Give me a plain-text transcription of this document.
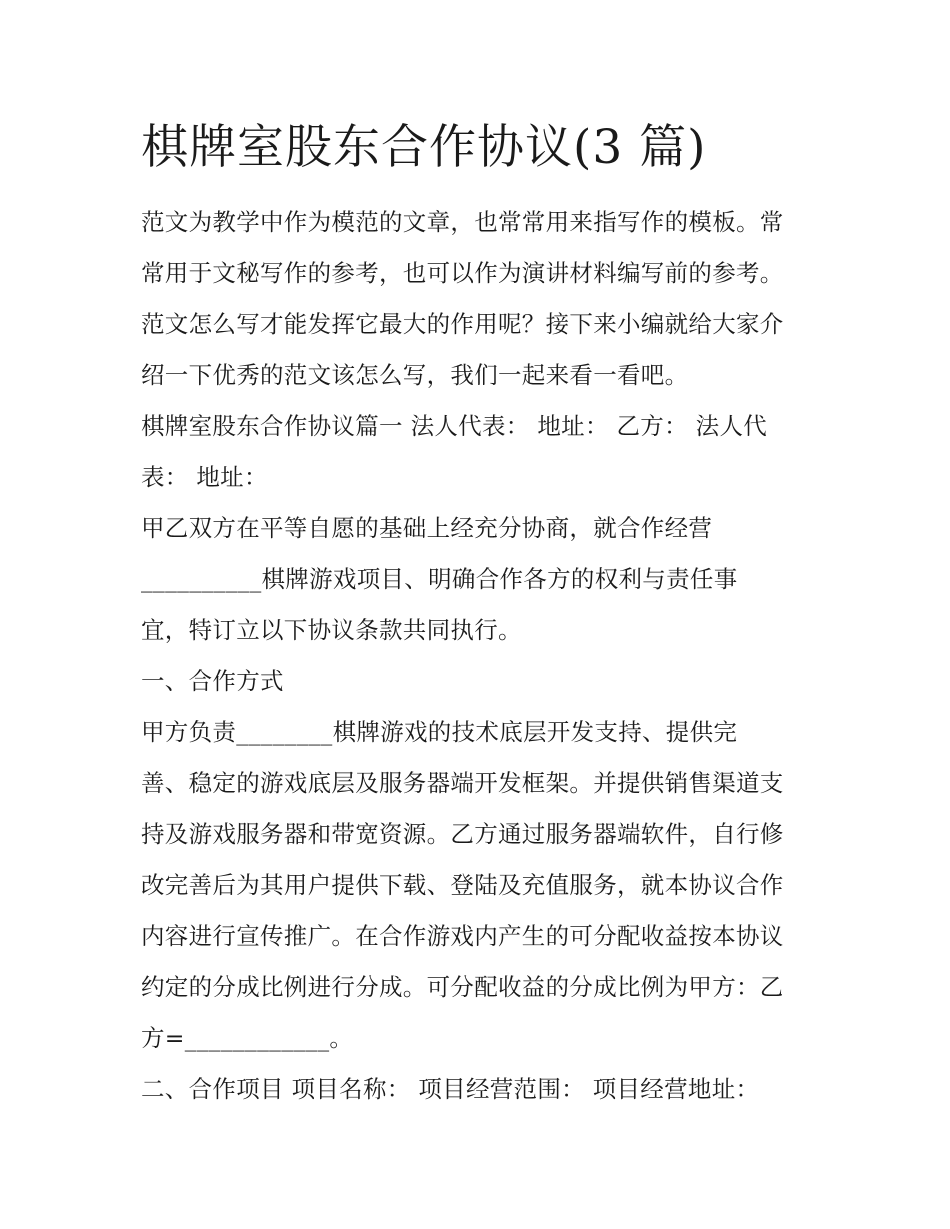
棋牌室股东合作协议(3 篇)

范文为教学中作为模范的文章，也常常用来指写作的模板。常

常用于文秘写作的参考，也可以作为演讲材料编写前的参考。

范文怎么写才能发挥它最大的作用呢？接下来小编就给大家介

绍一下优秀的范文该怎么写，我们一起来看一看吧。

棋牌室股东合作协议篇一 法人代表： 地址： 乙方： 法人代

表： 地址：

甲乙双方在平等自愿的基础上经充分协商，就合作经营

__________棋牌游戏项目、明确合作各方的权利与责任事

宜，特订立以下协议条款共同执行。

一、合作方式

甲方负责________棋牌游戏的技术底层开发支持、提供完

善、稳定的游戏底层及服务器端开发框架。并提供销售渠道支

持及游戏服务器和带宽资源。乙方通过服务器端软件，自行修

改完善后为其用户提供下载、登陆及充值服务，就本协议合作

内容进行宣传推广。在合作游戏内产生的可分配收益按本协议

约定的分成比例进行分成。可分配收益的分成比例为甲方：乙

方=____________。

二、合作项目 项目名称： 项目经营范围： 项目经营地址：
